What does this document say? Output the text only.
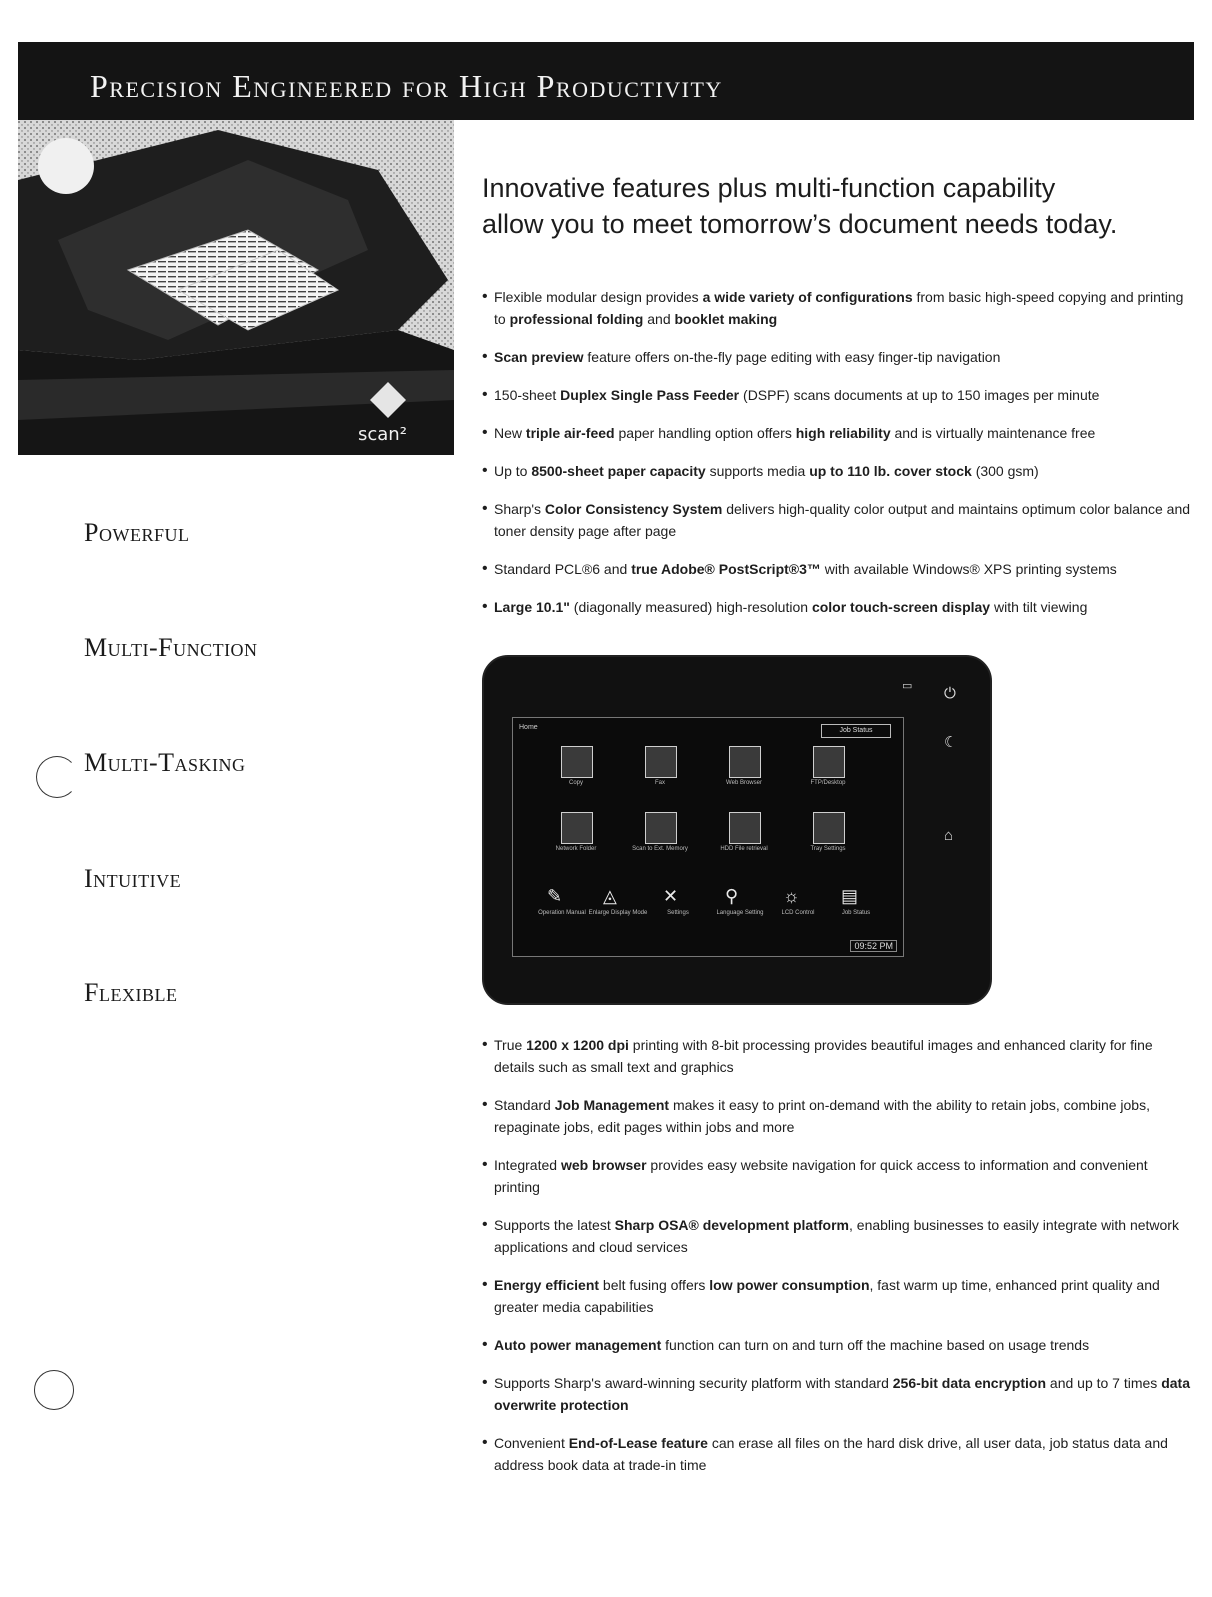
Precision Engineered for High Productivity
scan²
Innovative features plus multi-function capability
allow you to meet tomorrow’s document needs today.
• Flexible modular design provides a wide variety of configurations from basic high-speed copying and printing to professional folding and booklet making
• Scan preview feature offers on-the-fly page editing with easy finger-tip navigation
• 150-sheet Duplex Single Pass Feeder (DSPF) scans documents at up to 150 images per minute
• New triple air-feed paper handling option offers high reliability and is virtually maintenance free
• Up to 8500-sheet paper capacity supports media up to 110 lb. cover stock (300 gsm)
• Sharp's Color Consistency System delivers high-quality color output and maintains optimum color balance and toner density page after page
• Standard PCL®6 and true Adobe® PostScript®3™ with available Windows® XPS printing systems
• Large 10.1" (diagonally measured) high-resolution color touch-screen display with tilt viewing
• True 1200 x 1200 dpi printing with 8-bit processing provides beautiful images and enhanced clarity for fine details such as small text and graphics
• Standard Job Management makes it easy to print on-demand with the ability to retain jobs, combine jobs, repaginate jobs, edit pages within jobs and more
• Integrated web browser provides easy website navigation for quick access to information and convenient printing
• Supports the latest Sharp OSA® development platform, enabling businesses to easily integrate with network applications and cloud services
• Energy efficient belt fusing offers low power consumption, fast warm up time, enhanced print quality and greater media capabilities
• Auto power management function can turn on and turn off the machine based on usage trends
• Supports Sharp's award-winning security platform with standard 256-bit data encryption and up to 7 times data overwrite protection
• Convenient End-of-Lease feature can erase all files on the hard disk drive, all user data, job status data and address book data at trade-in time
Powerful
Multi-Function
Multi-Tasking
Intuitive
Flexible
⏻
☾
⌂
▭
Home	Job Status
Copy	Fax	Web Browser	FTP/Desktop
Network Folder	Scan to Ext. Memory	HDD File retrieval	Tray Settings
✎
Operation Manual
◬
Enlarge Display Mode
✕
Settings
⚲
Language Setting
☼
LCD Control
▤
Job Status
09:52 PM
